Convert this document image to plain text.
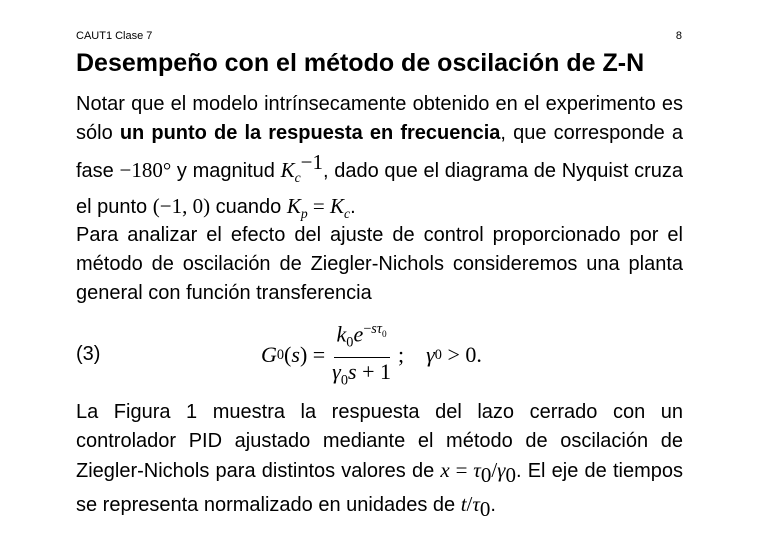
CAUT1 Clase 7	8
Desempeño con el método de oscilación de Z-N

Notar que el modelo intrínsecamente obtenido en el experimento es sólo un punto de la respuesta en frecuencia, que corresponde a fase −180° y magnitud $K_c^{-1}$, dado que el diagrama de Nyquist cruza el punto (−1, 0) cuando $K_p = K_c$.

Para analizar el efecto del ajuste de control proporcionado por el método de oscilación de Ziegler-Nichols consideremos una planta general con función transferencia

(3)	G 0 ( s ) = $\frac{k_0e^{-s\tau_0}}{\gamma_0s + 1}$ ; γ 0 > 0.

La Figura 1 muestra la respuesta del lazo cerrado con un controlador PID ajustado mediante el método de oscilación de Ziegler-Nichols para distintos valores de $x = \tau_0/\gamma_0$. El eje de tiempos se representa normalizado en unidades de $t/\tau_0$.
